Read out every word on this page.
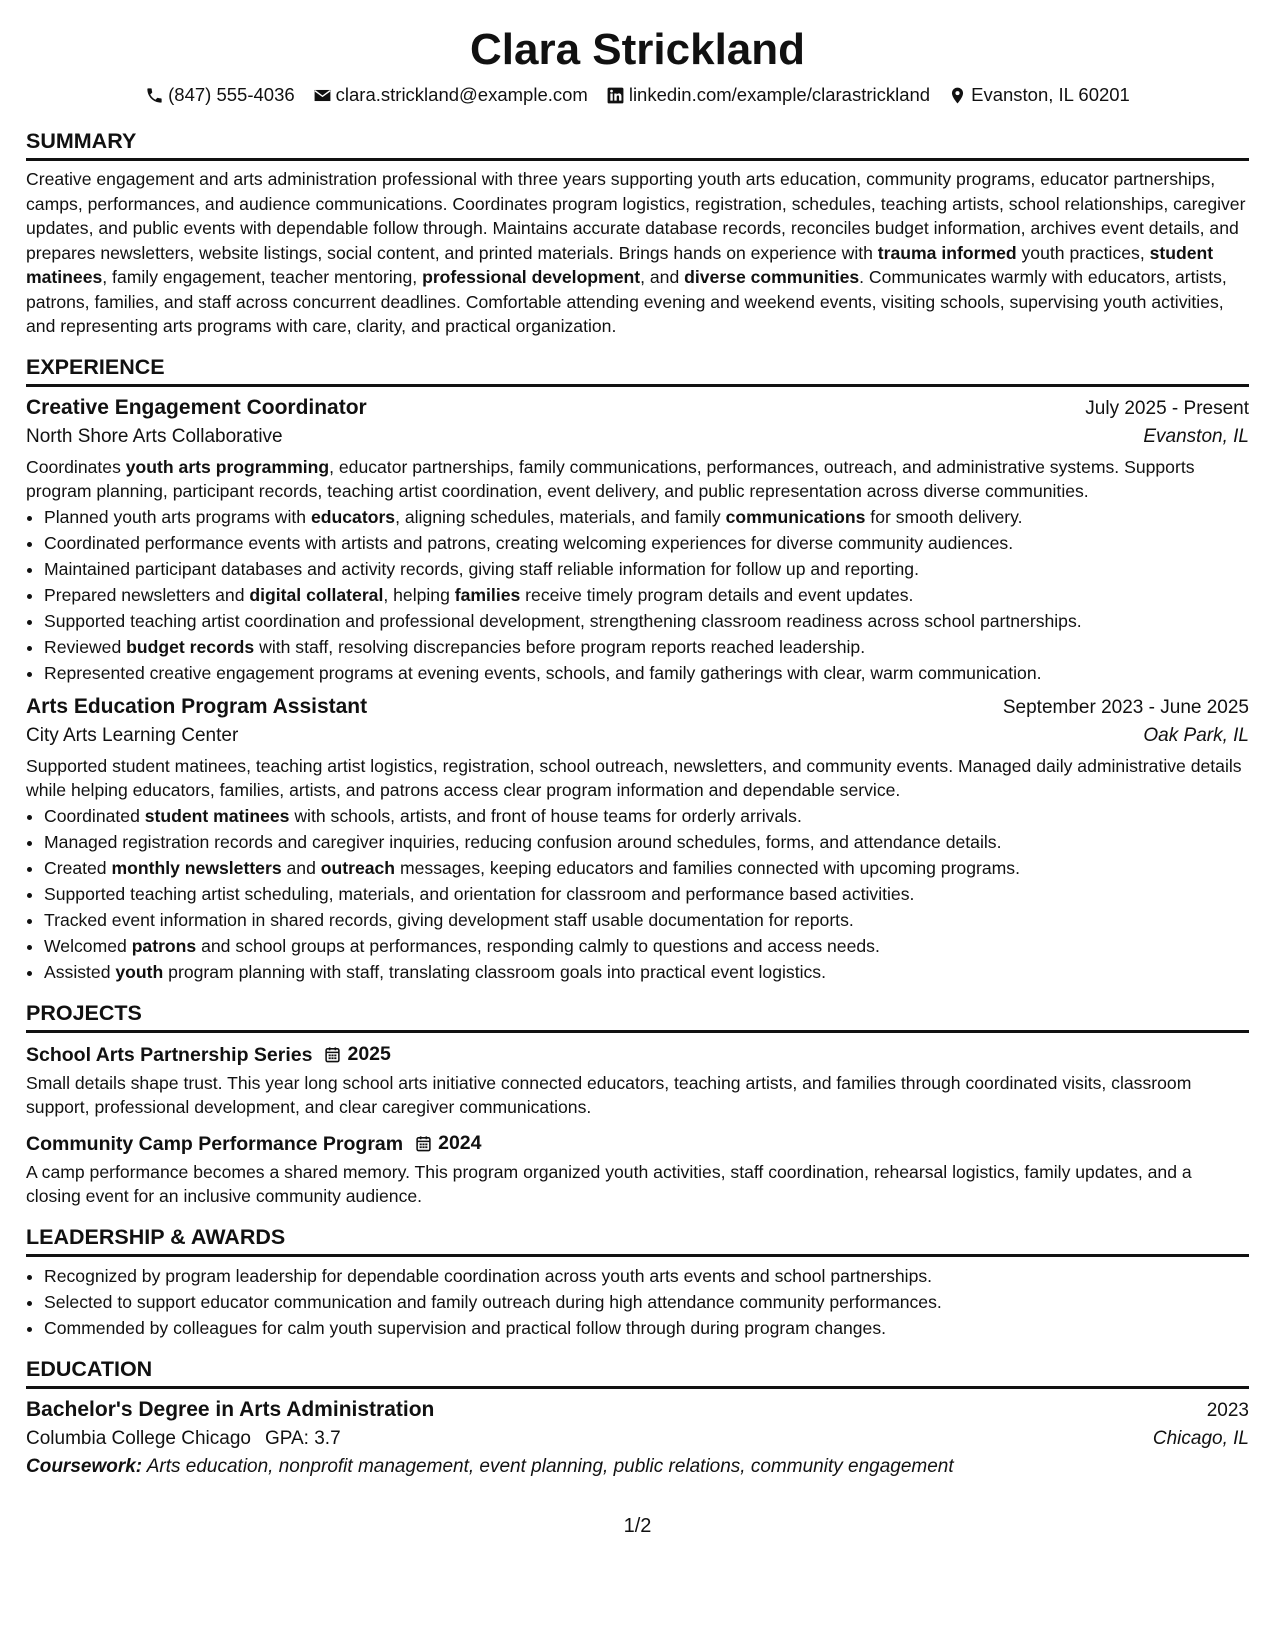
Clara Strickland
(847) 555-4036 clara.strickland@example.com linkedin.com/example/clarastrickland Evanston, IL 60201
SUMMARY

Creative engagement and arts administration professional with three years supporting youth arts education, community programs, educator partnerships, camps, performances, and audience communications. Coordinates program logistics, registration, schedules, teaching artists, school relationships, caregiver updates, and public events with dependable follow through. Maintains accurate database records, reconciles budget information, archives event details, and prepares newsletters, website listings, social content, and printed materials. Brings hands on experience with trauma informed youth practices, student matinees, family engagement, teacher mentoring, professional development, and diverse communities. Communicates warmly with educators, artists, patrons, families, and staff across concurrent deadlines. Comfortable attending evening and weekend events, visiting schools, supervising youth activities, and representing arts programs with care, clarity, and practical organization.

EXPERIENCE
Creative Engagement Coordinator	July 2025 - Present
North Shore Arts Collaborative	Evanston, IL

Coordinates youth arts programming, educator partnerships, family communications, performances, outreach, and administrative systems. Supports program planning, participant records, teaching artist coordination, event delivery, and public representation across diverse communities.

• Planned youth arts programs with educators, aligning schedules, materials, and family communications for smooth delivery.
• Coordinated performance events with artists and patrons, creating welcoming experiences for diverse community audiences.
• Maintained participant databases and activity records, giving staff reliable information for follow up and reporting.
• Prepared newsletters and digital collateral, helping families receive timely program details and event updates.
• Supported teaching artist coordination and professional development, strengthening classroom readiness across school partnerships.
• Reviewed budget records with staff, resolving discrepancies before program reports reached leadership.
• Represented creative engagement programs at evening events, schools, and family gatherings with clear, warm communication.
Arts Education Program Assistant	September 2023 - June 2025
City Arts Learning Center	Oak Park, IL

Supported student matinees, teaching artist logistics, registration, school outreach, newsletters, and community events. Managed daily administrative details while helping educators, families, artists, and patrons access clear program information and dependable service.

• Coordinated student matinees with schools, artists, and front of house teams for orderly arrivals.
• Managed registration records and caregiver inquiries, reducing confusion around schedules, forms, and attendance details.
• Created monthly newsletters and outreach messages, keeping educators and families connected with upcoming programs.
• Supported teaching artist scheduling, materials, and orientation for classroom and performance based activities.
• Tracked event information in shared records, giving development staff usable documentation for reports.
• Welcomed patrons and school groups at performances, responding calmly to questions and access needs.
• Assisted youth program planning with staff, translating classroom goals into practical event logistics.
PROJECTS
School Arts Partnership Series 2025

Small details shape trust. This year long school arts initiative connected educators, teaching artists, and families through coordinated visits, classroom support, professional development, and clear caregiver communications.

Community Camp Performance Program 2024

A camp performance becomes a shared memory. This program organized youth activities, staff coordination, rehearsal logistics, family updates, and a closing event for an inclusive community audience.

LEADERSHIP & AWARDS
• Recognized by program leadership for dependable coordination across youth arts events and school partnerships.
• Selected to support educator communication and family outreach during high attendance community performances.
• Commended by colleagues for calm youth supervision and practical follow through during program changes.
EDUCATION
Bachelor's Degree in Arts Administration	2023
Columbia College Chicago GPA: 3.7	Chicago, IL
Coursework: Arts education, nonprofit management, event planning, public relations, community engagement
1/2
